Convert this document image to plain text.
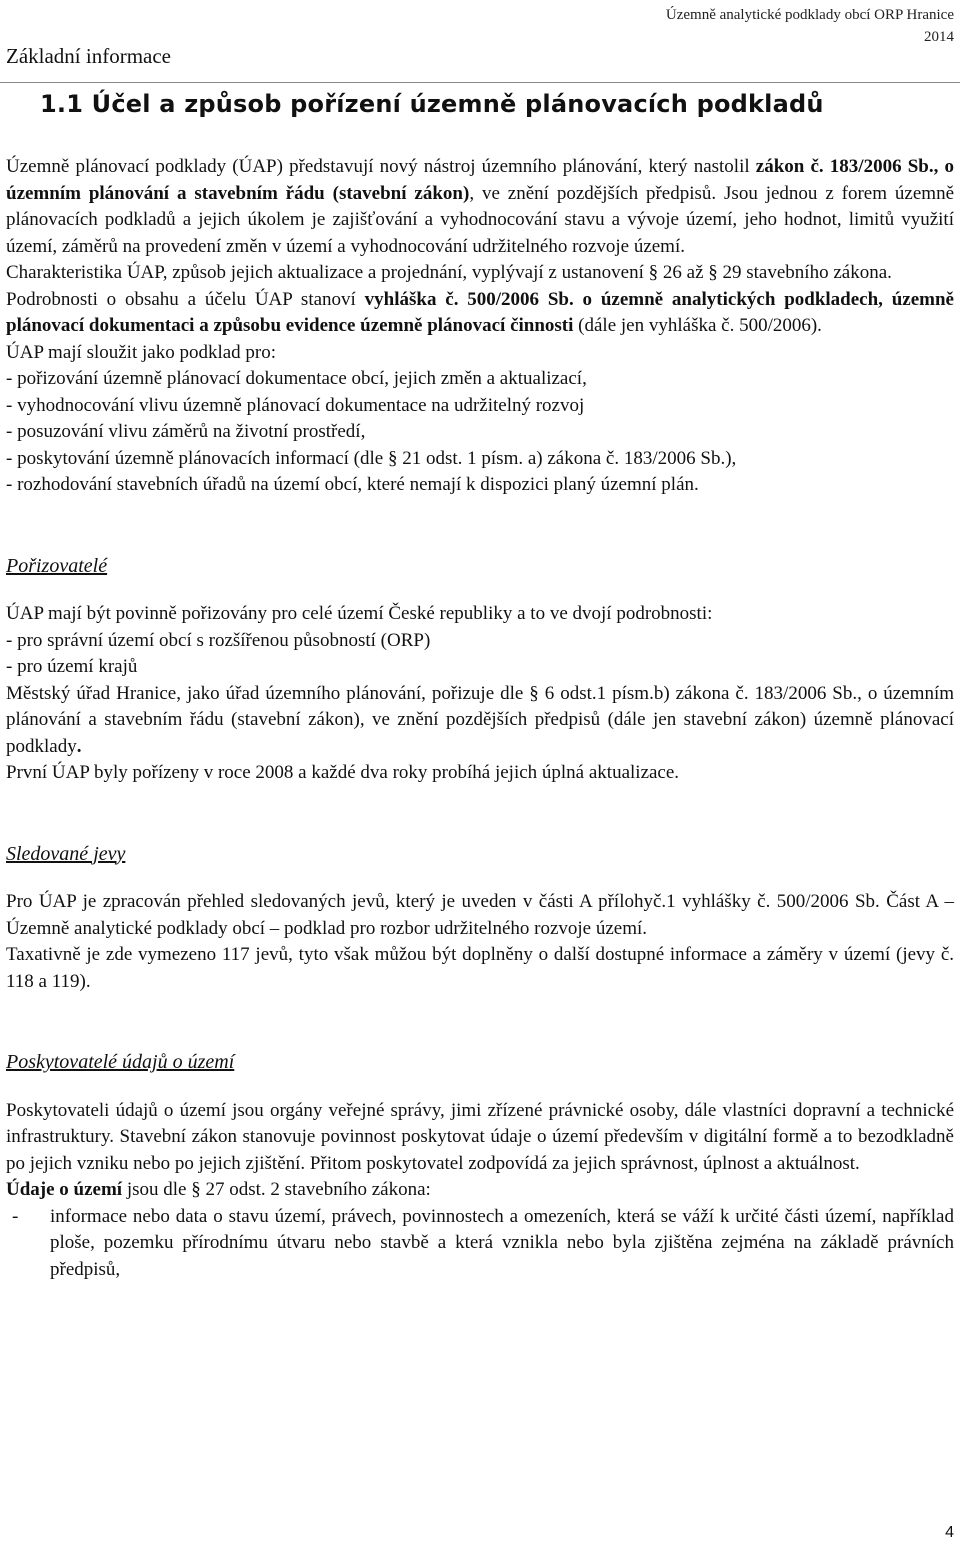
Základní informace
Územně analytické podklady obcí ORP Hranice
2014
1.1 Účel a způsob pořízení územně plánovacích podkladů

Územně plánovací podklady (ÚAP) představují nový nástroj územního plánování, který nastolil zákon č. 183/2006 Sb., o územním plánování a stavebním řádu (stavební zákon), ve znění pozdějších předpisů. Jsou jednou z forem územně plánovacích podkladů a jejich úkolem je zajišťování a vyhodnocování stavu a vývoje území, jeho hodnot, limitů využití území, záměrů na provedení změn v území a vyhodnocování udržitelného rozvoje území.

Charakteristika ÚAP, způsob jejich aktualizace a projednání, vyplývají z ustanovení § 26 až § 29 stavebního zákona.

Podrobnosti o obsahu a účelu ÚAP stanoví vyhláška č. 500/2006 Sb. o územně analytických podkladech, územně plánovací dokumentaci a způsobu evidence územně plánovací činnosti (dále jen vyhláška č. 500/2006).

ÚAP mají sloužit jako podklad pro:

- pořizování územně plánovací dokumentace obcí, jejich změn a aktualizací,

- vyhodnocování vlivu územně plánovací dokumentace na udržitelný rozvoj

- posuzování vlivu záměrů na životní prostředí,

- poskytování územně plánovacích informací (dle § 21 odst. 1 písm. a) zákona č. 183/2006 Sb.),

- rozhodování stavebních úřadů na území obcí, které nemají k dispozici planý územní plán.

Pořizovatelé

ÚAP mají být povinně pořizovány pro celé území České republiky a to ve dvojí podrobnosti:

- pro správní území obcí s rozšířenou působností (ORP)

- pro území krajů

Městský úřad Hranice, jako úřad územního plánování, pořizuje dle § 6 odst.1 písm.b) zákona č. 183/2006 Sb., o územním plánování a stavebním řádu (stavební zákon), ve znění pozdějších předpisů (dále jen stavební zákon) územně plánovací podklady.

První ÚAP byly pořízeny v roce 2008 a každé dva roky probíhá jejich úplná aktualizace.

Sledované jevy

Pro ÚAP je zpracován přehled sledovaných jevů, který je uveden v části A přílohyč.1 vyhlášky č. 500/2006 Sb. Část A – Územně analytické podklady obcí – podklad pro rozbor udržitelného rozvoje území.

Taxativně je zde vymezeno 117 jevů, tyto však můžou být doplněny o další dostupné informace a záměry v území (jevy č. 118 a 119).

Poskytovatelé údajů o území

Poskytovateli údajů o území jsou orgány veřejné správy, jimi zřízené právnické osoby, dále vlastníci dopravní a technické infrastruktury. Stavební zákon stanovuje povinnost poskytovat údaje o území především v digitální formě a to bezodkladně po jejich vzniku nebo po jejich zjištění. Přitom poskytovatel zodpovídá za jejich správnost, úplnost a aktuálnost.

Údaje o území jsou dle § 27 odst. 2 stavebního zákona:

-	informace nebo data o stavu území, právech, povinnostech a omezeních, která se váží k určité části území, například ploše, pozemku přírodnímu útvaru nebo stavbě a která vznikla nebo byla zjištěna zejména na základě právních předpisů,
4
